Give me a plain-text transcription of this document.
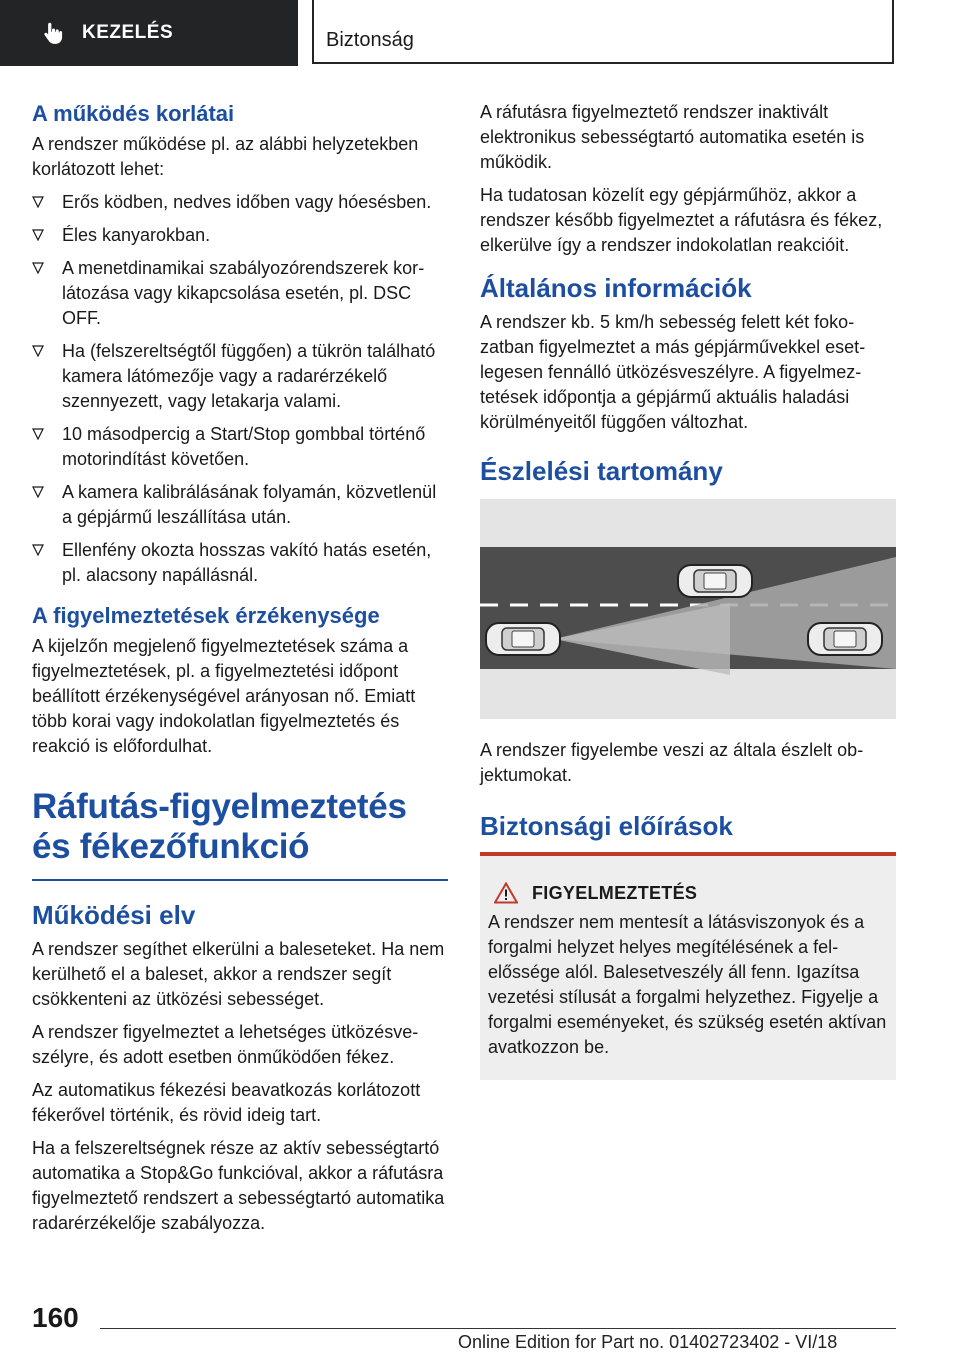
KEZELÉS	Biztonság
A működés korlátai

A rendszer működése pl. az alábbi helyzetekben korlátozott lehet:

Erős ködben, nedves időben vagy hóesésben.
Éles kanyarokban.
A menetdinamikai szabályozórendszerek korlátozása vagy kikapcsolása esetén, pl. DSC OFF.
Ha (felszereltségtől függően) a tükrön található kamera látómezője vagy a radarérzékelő szennyezett, vagy letakarja valami.
10 másodpercig a Start/Stop gombbal történő motorindítást követően.
A kamera kalibrálásának folyamán, közvetlenül a gépjármű leszállítása után.
Ellenfény okozta hosszas vakító hatás esetén, pl. alacsony napállásnál.
A figyelmeztetések érzékenysége

A kijelzőn megjelenő figyelmeztetések száma a figyelmeztetések, pl. a figyelmeztetési időpont beállított érzékenységével arányosan nő. Emiatt több korai vagy indokolatlan figyelmeztetés és reakció is előfordulhat.

Ráfutás-figyelmeztetés és fékezőfunkció
Működési elv

A rendszer segíthet elkerülni a baleseteket. Ha nem kerülhető el a baleset, akkor a rendszer segít csökkenteni az ütközési sebességet.

A rendszer figyelmeztet a lehetséges ütközésveszélyre, és adott esetben önműködően fékez.

Az automatikus fékezési beavatkozás korlátozott fékerővel történik, és rövid ideig tart.

Ha a felszereltségnek része az aktív sebességtartó automatika a Stop&Go funkcióval, akkor a ráfutásra figyelmeztető rendszert a sebességtartó automatika radarérzékelője szabályozza.

A ráfutásra figyelmeztető rendszer inaktivált elektronikus sebességtartó automatika esetén is működik.

Ha tudatosan közelít egy gépjárműhöz, akkor a rendszer később figyelmeztet a ráfutásra és fékez, elkerülve így a rendszer indokolatlan reakcióit.

Általános információk

A rendszer kb. 5 km/h sebesség felett két fokozatban figyelmeztet a más gépjárművekkel esetlegesen fennálló ütközésveszélyre. A figyelmeztetések időpontja a gépjármű aktuális haladási körülményeitől függően változhat.

Észlelési tartomány

A rendszer figyelembe veszi az általa észlelt objektumokat.

Biztonsági előírások
FIGYELMEZTETÉS

A rendszer nem mentesít a látásviszonyok és a forgalmi helyzet helyes megítélésének a felelőssége alól. Balesetveszély áll fenn. Igazítsa vezetési stílusát a forgalmi helyzethez. Figyelje a forgalmi eseményeket, és szükség esetén aktívan avatkozzon be.

160
Online Edition for Part no. 01402723402 - VI/18
